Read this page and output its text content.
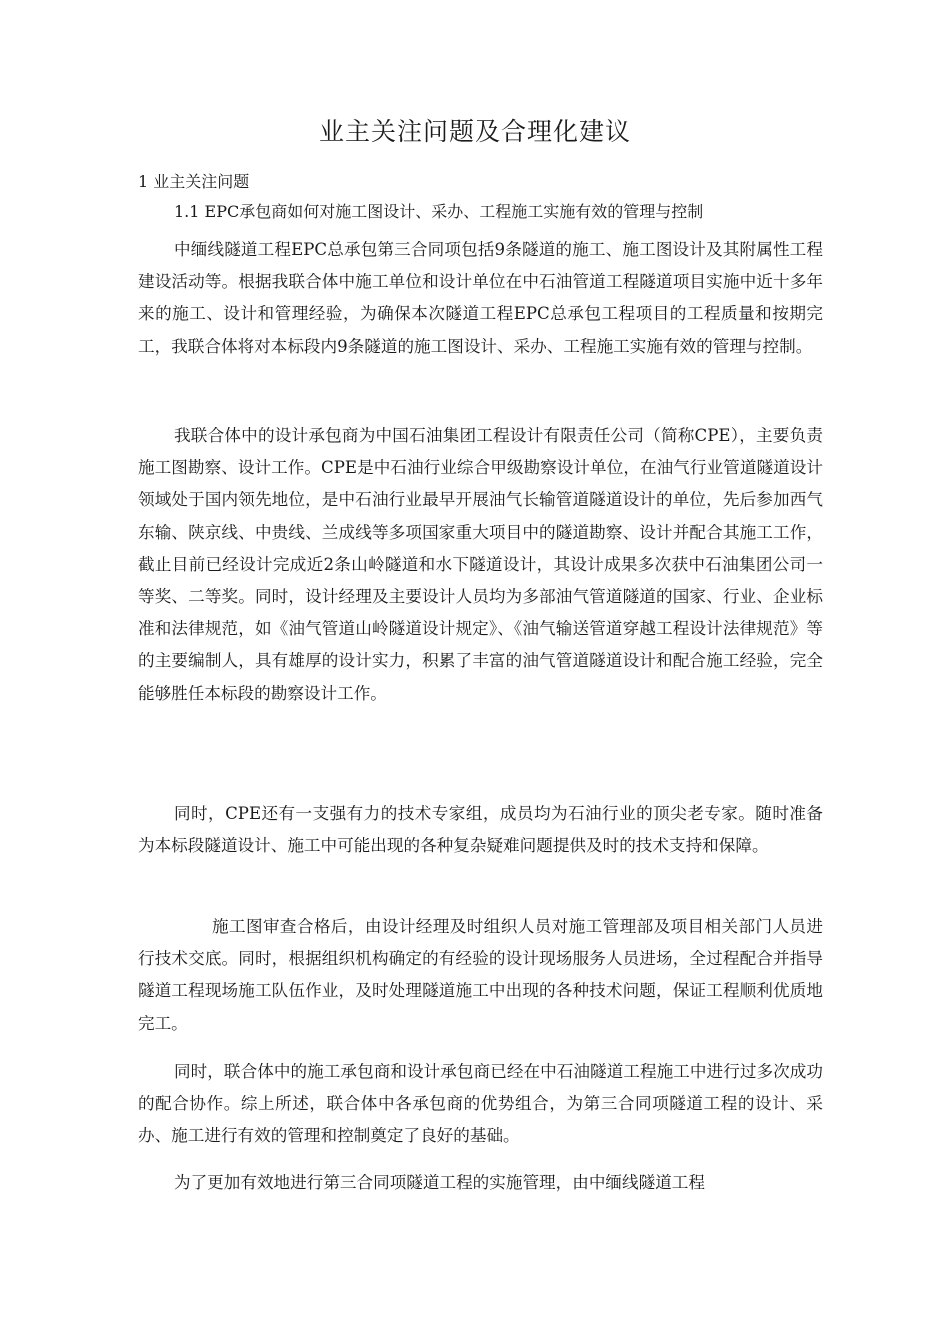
业主关注问题及合理化建议
1 业主关注问题
1.1 EPC承包商如何对施工图设计、采办、工程施工实施有效的管理与控制
中缅线隧道工程EPC总承包第三合同项包括9条隧道的施工、施工图设计及其附属性工程建设活动等。根据我联合体中施工单位和设计单位在中石油管道工程隧道项目实施中近十多年来的施工、设计和管理经验，为确保本次隧道工程EPC总承包工程项目的工程质量和按期完工，我联合体将对本标段内9条隧道的施工图设计、采办、工程施工实施有效的管理与控制。
我联合体中的设计承包商为中国石油集团工程设计有限责任公司（简称CPE），主要负责施工图勘察、设计工作。CPE是中石油行业综合甲级勘察设计单位，在油气行业管道隧道设计领域处于国内领先地位，是中石油行业最早开展油气长输管道隧道设计的单位，先后参加西气东输、陕京线、中贵线、兰成线等多项国家重大项目中的隧道勘察、设计并配合其施工工作，截止目前已经设计完成近2条山岭隧道和水下隧道设计，其设计成果多次获中石油集团公司一等奖、二等奖。同时，设计经理及主要设计人员均为多部油气管道隧道的国家、行业、企业标准和法律规范，如《油气管道山岭隧道设计规定》、《油气输送管道穿越工程设计法律规范》等的主要编制人，具有雄厚的设计实力，积累了丰富的油气管道隧道设计和配合施工经验，完全能够胜任本标段的勘察设计工作。
同时，CPE还有一支强有力的技术专家组，成员均为石油行业的顶尖老专家。随时准备为本标段隧道设计、施工中可能出现的各种复杂疑难问题提供及时的技术支持和保障。
施工图审查合格后，由设计经理及时组织人员对施工管理部及项目相关部门人员进行技术交底。同时，根据组织机构确定的有经验的设计现场服务人员进场，全过程配合并指导隧道工程现场施工队伍作业，及时处理隧道施工中出现的各种技术问题，保证工程顺利优质地完工。
同时，联合体中的施工承包商和设计承包商已经在中石油隧道工程施工中进行过多次成功的配合协作。综上所述，联合体中各承包商的优势组合，为第三合同项隧道工程的设计、采办、施工进行有效的管理和控制奠定了良好的基础。
为了更加有效地进行第三合同项隧道工程的实施管理，由中缅线隧道工程
